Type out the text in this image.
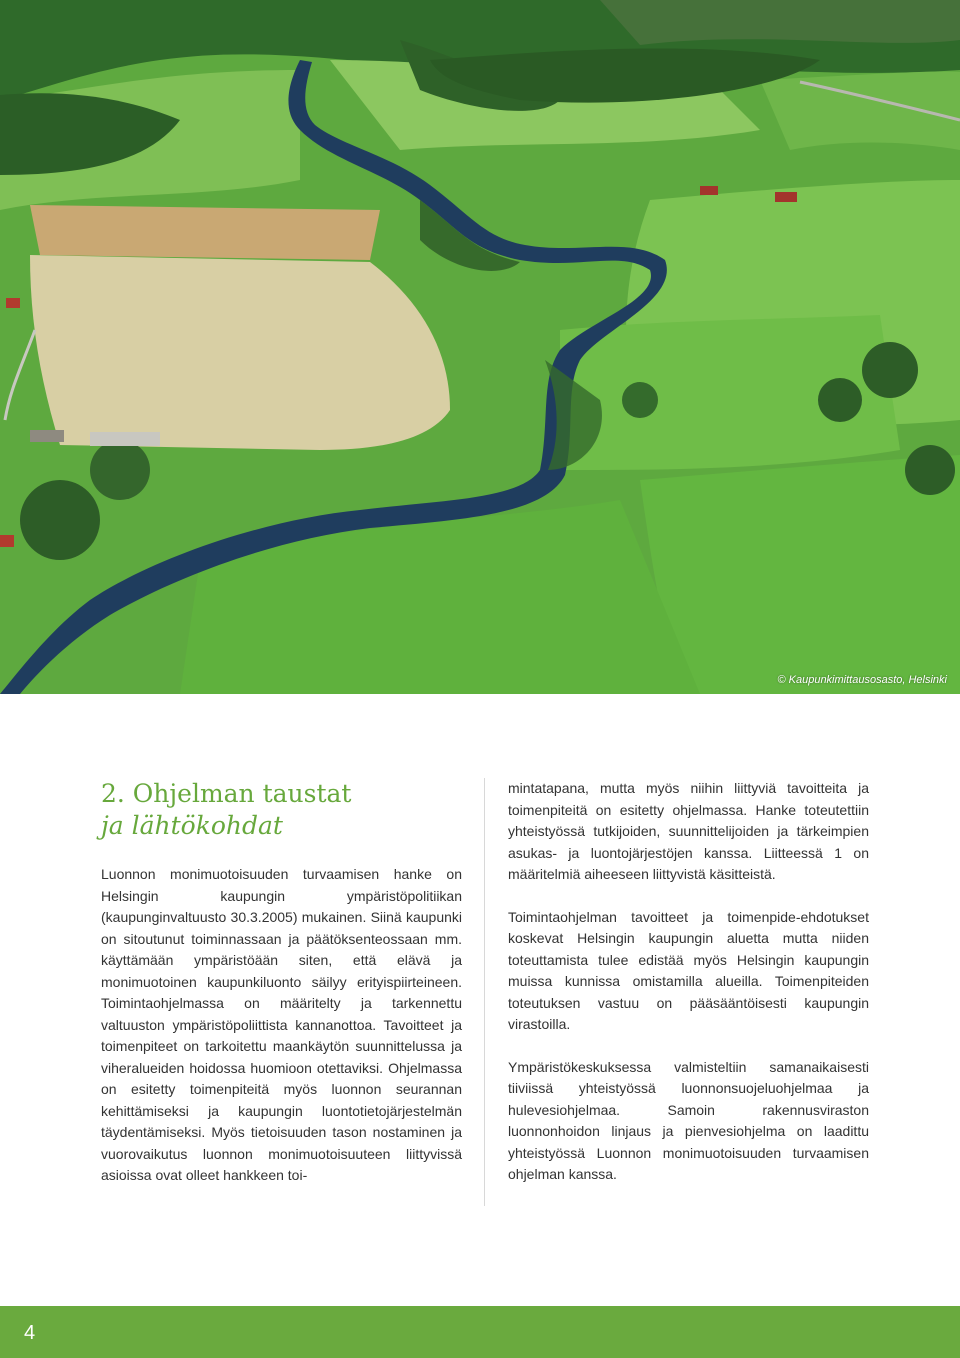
© Kaupunkimittausosasto, Helsinki
2. Ohjelman taustat
ja lähtökohdat

Luonnon monimuotoisuuden turvaamisen hanke on Helsingin kaupungin ympäristöpolitiikan (kaupunginvaltuusto 30.3.2005) mukainen. Siinä kaupunki on sitoutunut toiminnassaan ja päätöksenteossaan mm. käyttämään ympäristöään siten, että elävä ja monimuotoinen kaupunkiluonto säilyy erityispiirteineen. Toimintaohjelmassa on määritelty ja tarkennettu valtuuston ympäristöpoliittista kannanottoa. Tavoitteet ja toimenpiteet on tarkoitettu maankäytön suunnittelussa ja viheralueiden hoidossa huomioon otettaviksi. Ohjelmassa on esitetty toimenpiteitä myös luonnon seurannan kehittämiseksi ja kaupungin luontotietojärjestelmän täydentämiseksi. Myös tietoisuuden tason nostaminen ja vuorovaikutus luonnon monimuotoisuuteen liittyvissä asioissa ovat olleet hankkeen toi-

mintatapana, mutta myös niihin liittyviä tavoitteita ja toimenpiteitä on esitetty ohjelmassa. Hanke toteutettiin yhteistyössä tutkijoiden, suunnittelijoiden ja tärkeimpien asukas- ja luontojärjestöjen kanssa. Liitteessä 1 on määritelmiä aiheeseen liittyvistä käsitteistä.

Toimintaohjelman tavoitteet ja toimenpide-ehdotukset koskevat Helsingin kaupungin aluetta mutta niiden toteuttamista tulee edistää myös Helsingin kaupungin muissa kunnissa omistamilla alueilla. Toimenpiteiden toteutuksen vastuu on pääsääntöisesti kaupungin virastoilla.

Ympäristökeskuksessa valmisteltiin samanaikaisesti tiiviissä yhteistyössä luonnonsuojeluohjelmaa ja hulevesiohjelmaa. Samoin rakennusviraston luonnonhoidon linjaus ja pienvesiohjelma on laadittu yhteistyössä Luonnon monimuotoisuuden turvaamisen ohjelman kanssa.

4
